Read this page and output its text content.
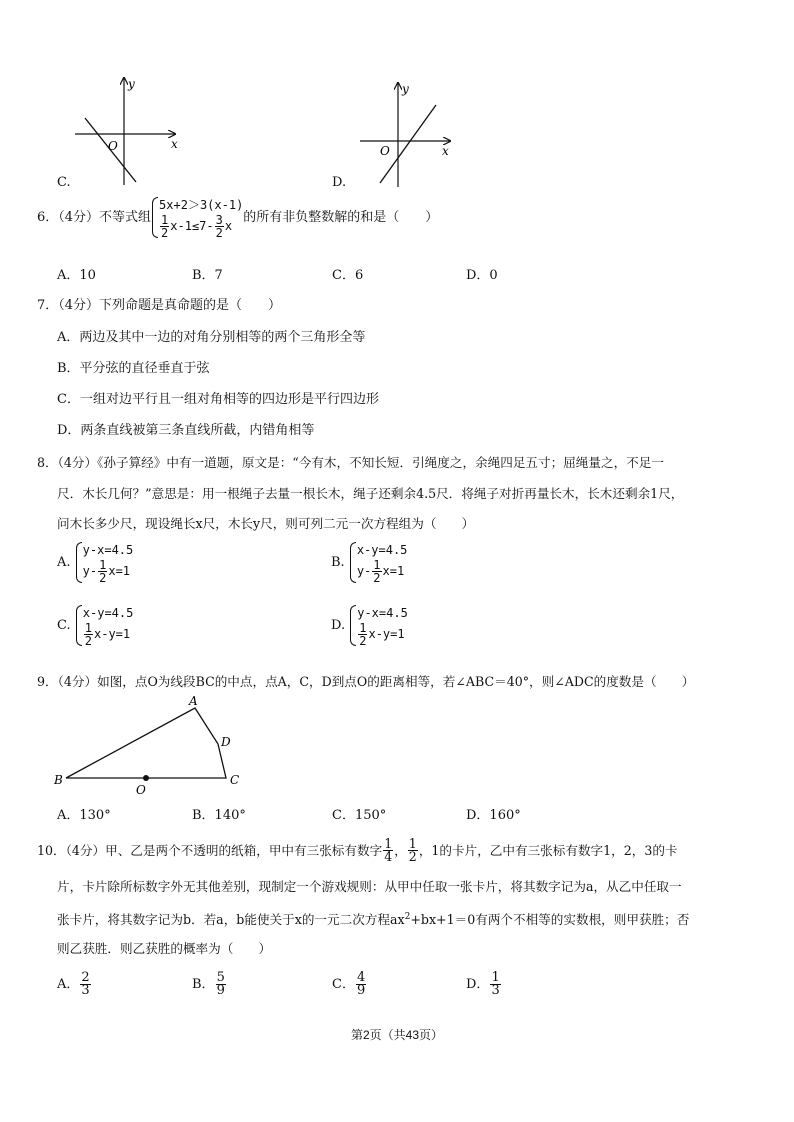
y
x
O
C.
y
x
O
D.
6．（4分）不等式组
5x+2＞3(x-1)
$\frac{1}{2} x-1\le 7- \frac{3}{2}$ x
的所有非负整数解的和是（　　）
A．10	B．7	C．6	D．0
7．（4分）下列命题是真命题的是（　　）
A．两边及其中一边的对角分别相等的两个三角形全等
B．平分弦的直径垂直于弦
C．一组对边平行且一组对角相等的四边形是平行四边形
D．两条直线被第三条直线所截，内错角相等
8．（4分）《孙子算经》中有一道题，原文是：“今有木，不知长短．引绳度之，余绳四足五寸；屈绳量之，不足一
尺．木长几何？”意思是：用一根绳子去量一根长木，绳子还剩余4.5尺．将绳子对折再量长木，长木还剩余1尺，
问木长多少尺，现设绳长x尺，木长y尺，则可列二元一次方程组为（　　）
A.
y-x=4.5
$y- \frac{1}{2} x=1$
B.
x-y=4.5
$y- \frac{1}{2} x=1$
C.
x-y=4.5
$\frac{1}{2} x-y=1$
D.
y-x=4.5
$\frac{1}{2} x-y=1$
9．（4分）如图，点O为线段BC的中点，点A，C，D到点O的距离相等，若∠ABC＝40°，则∠ADC的度数是（　　）
A
B	C
D
O
A．130°	B．140°	C．150°	D．160°
10．（4分）甲、乙是两个不透明的纸箱，甲中有三张标有数字 $\frac{1}{4}$ ， $\frac{1}{2}$ ，1的卡片，乙中有三张标有数字1，2，3的卡
片，卡片除所标数字外无其他差别，现制定一个游戏规则：从甲中任取一张卡片，将其数字记为a，从乙中任取一
张卡片，将其数字记为b．若a，b能使关于x的一元二次方程$ax^2+bx+1=0$有两个不相等的实数根，则甲获胜；否
则乙获胜．则乙获胜的概率为（　　）
A． $\frac{2}{3}$	B． $\frac{5}{9}$	C． $\frac{4}{9}$	D． $\frac{1}{3}$
第2页（共43页）
